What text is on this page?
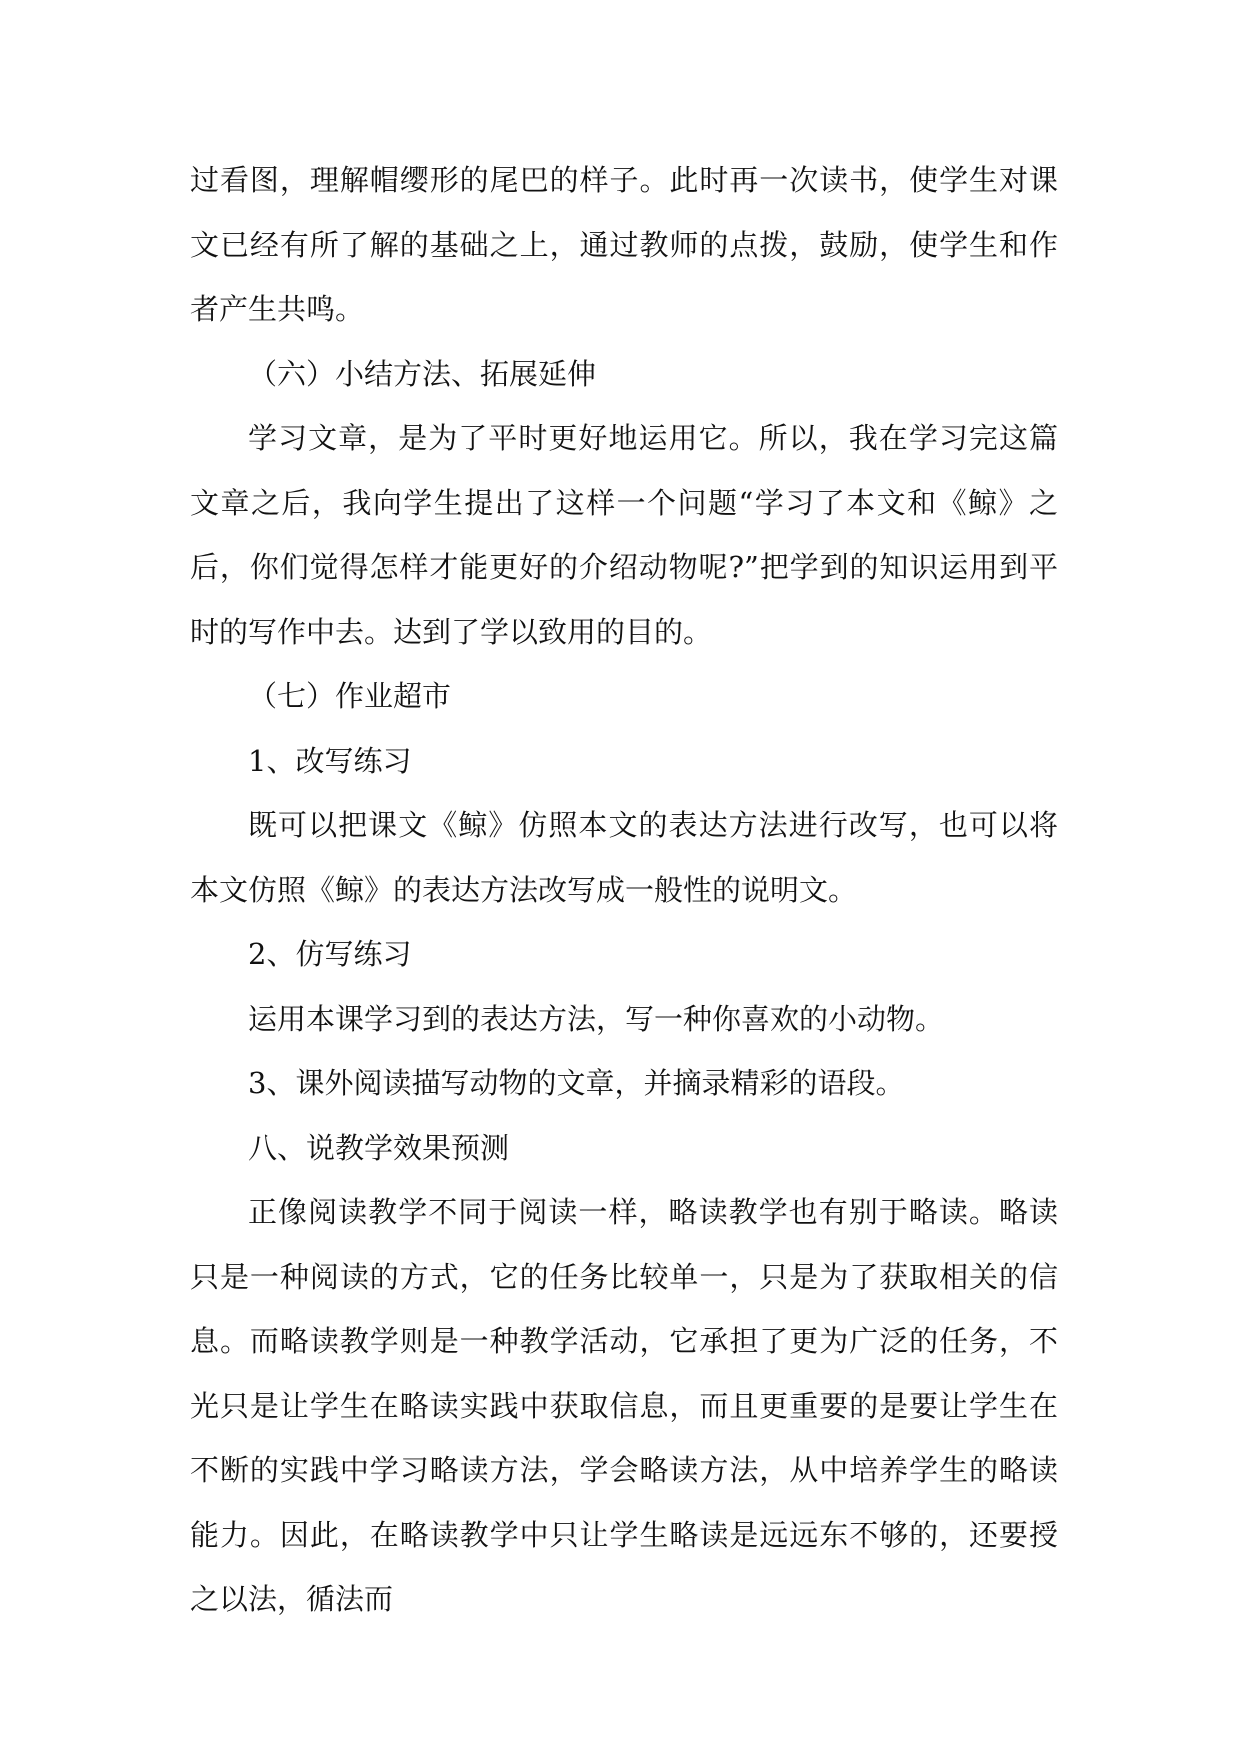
过看图，理解帽缨形的尾巴的样子。此时再一次读书，使学生对课文已经有所了解的基础之上，通过教师的点拨，鼓励，使学生和作者产生共鸣。

（六）小结方法、拓展延伸

学习文章，是为了平时更好地运用它。所以，我在学习完这篇文章之后，我向学生提出了这样一个问题“学习了本文和《鲸》之后，你们觉得怎样才能更好的介绍动物呢?”把学到的知识运用到平时的写作中去。达到了学以致用的目的。

（七）作业超市

1、改写练习

既可以把课文《鲸》仿照本文的表达方法进行改写，也可以将本文仿照《鲸》的表达方法改写成一般性的说明文。

2、仿写练习

运用本课学习到的表达方法，写一种你喜欢的小动物。

3、课外阅读描写动物的文章，并摘录精彩的语段。

八、说教学效果预测

正像阅读教学不同于阅读一样，略读教学也有别于略读。略读只是一种阅读的方式，它的任务比较单一，只是为了获取相关的信息。而略读教学则是一种教学活动，它承担了更为广泛的任务，不光只是让学生在略读实践中获取信息，而且更重要的是要让学生在不断的实践中学习略读方法，学会略读方法，从中培养学生的略读能力。因此，在略读教学中只让学生略读是远远东不够的，还要授之以法，循法而
